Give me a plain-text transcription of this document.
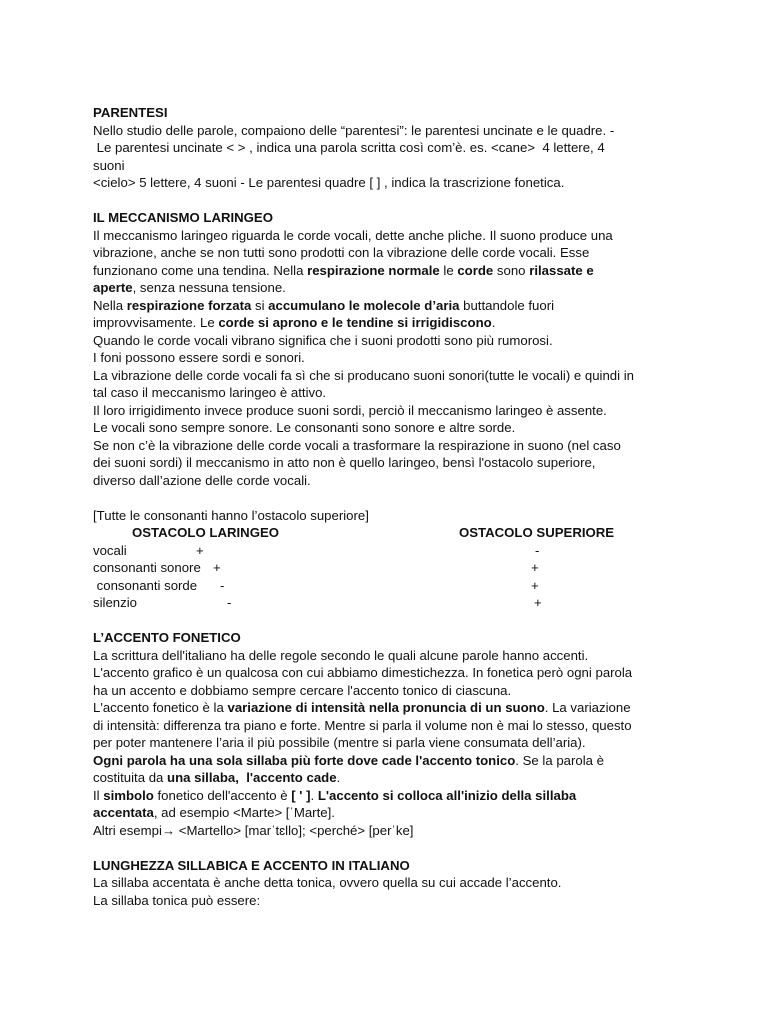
PARENTESI
Nello studio delle parole, compaiono delle “parentesi”: le parentesi uncinate e le quadre. -
Le parentesi uncinate < > , indica una parola scritta così com’è. es. <cane>  4 lettere, 4
suoni
<cielo> 5 lettere, 4 suoni - Le parentesi quadre [ ] , indica la trascrizione fonetica.
IL MECCANISMO LARINGEO
Il meccanismo laringeo riguarda le corde vocali, dette anche pliche. Il suono produce una
vibrazione, anche se non tutti sono prodotti con la vibrazione delle corde vocali. Esse
funzionano come una tendina. Nella respirazione normale le corde sono rilassate e
aperte, senza nessuna tensione.
Nella respirazione forzata si accumulano le molecole d’aria buttandole fuori
improvvisamente. Le corde si aprono e le tendine si irrigidiscono.
Quando le corde vocali vibrano significa che i suoni prodotti sono più rumorosi.
I foni possono essere sordi e sonori.
La vibrazione delle corde vocali fa sì che si producano suoni sonori(tutte le vocali) e quindi in
tal caso il meccanismo laringeo è attivo.
Il loro irrigidimento invece produce suoni sordi, perciò il meccanismo laringeo è assente.
Le vocali sono sempre sonore. Le consonanti sono sonore e altre sorde.
Se non c’è la vibrazione delle corde vocali a trasformare la respirazione in suono (nel caso
dei suoni sordi) il meccanismo in atto non è quello laringeo, bensì l'ostacolo superiore,
diverso dall’azione delle corde vocali.
[Tutte le consonanti hanno l’ostacolo superiore]
OSTACOLO LARINGEO	OSTACOLO SUPERIORE
vocali	+	-
consonanti sonore +	+
consonanti sorde -	+
silenzio	-	+
L’ACCENTO FONETICO
La scrittura dell'italiano ha delle regole secondo le quali alcune parole hanno accenti.
L'accento grafico è un qualcosa con cui abbiamo dimestichezza. In fonetica però ogni parola
ha un accento e dobbiamo sempre cercare l'accento tonico di ciascuna.
L'accento fonetico è la variazione di intensità nella pronuncia di un suono. La variazione
di intensità: differenza tra piano e forte. Mentre si parla il volume non è mai lo stesso, questo
per poter mantenere l’aria il più possibile (mentre si parla viene consumata dell’aria).
Ogni parola ha una sola sillaba più forte dove cade l'accento tonico. Se la parola è
costituita da una sillaba,  l'accento cade.
Il simbolo fonetico dell'accento è [ ' ]. L'accento si colloca all'inizio della sillaba
accentata, ad esempio <Marte> [ˈMarte].
Altri esempi→ <Martello> [marˈtɛllo]; <perché> [perˈke]
LUNGHEZZA SILLABICA E ACCENTO IN ITALIANO
La sillaba accentata è anche detta tonica, ovvero quella su cui accade l’accento.
La sillaba tonica può essere:
